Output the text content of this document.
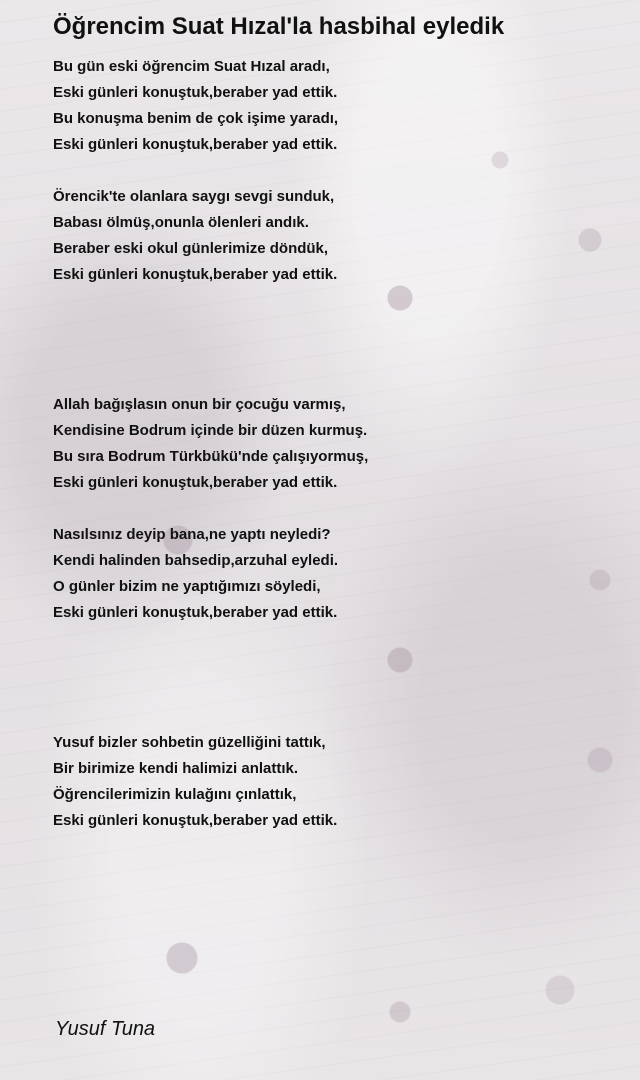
Öğrencim Suat Hızal'la hasbihal eyledik
Bu gün eski öğrencim Suat Hızal aradı,
Eski günleri konuştuk,beraber yad ettik.
Bu konuşma benim de çok işime yaradı,
Eski günleri konuştuk,beraber yad ettik.
Örencik'te olanlara saygı sevgi sunduk,
Babası ölmüş,onunla ölenleri andık.
Beraber eski okul günlerimize döndük,
Eski günleri konuştuk,beraber yad ettik.
Allah bağışlasın onun bir çocuğu varmış,
Kendisine Bodrum içinde bir düzen kurmuş.
Bu sıra Bodrum Türkbükü'nde çalışıyormuş,
Eski günleri konuştuk,beraber yad ettik.
Nasılsınız deyip bana,ne yaptı neyledi?
Kendi halinden bahsedip,arzuhal eyledi.
O günler bizim ne yaptığımızı söyledi,
Eski günleri konuştuk,beraber yad ettik.
Yusuf bizler sohbetin güzelliğini tattık,
Bir birimize kendi halimizi anlattık.
Öğrencilerimizin kulağını çınlattık,
Eski günleri konuştuk,beraber yad ettik.
Yusuf Tuna
